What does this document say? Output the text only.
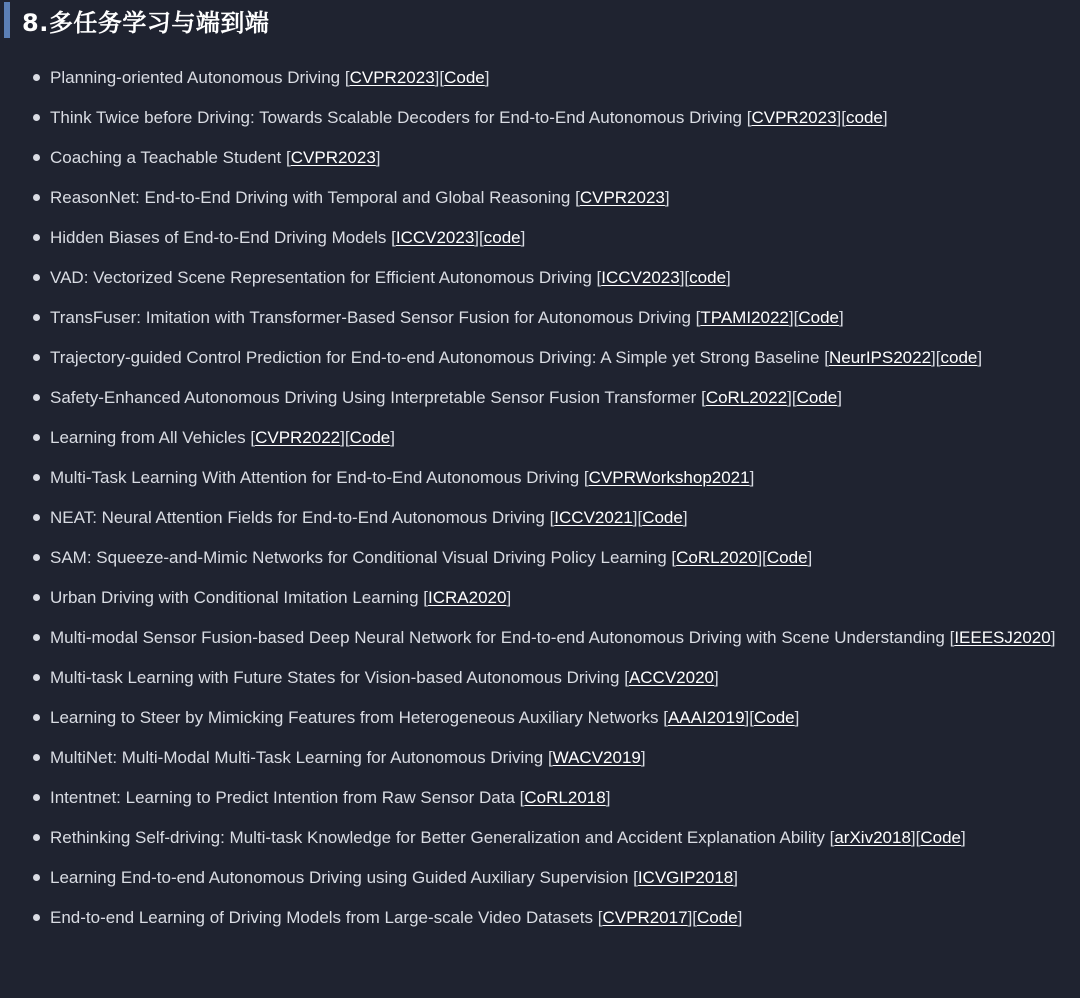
8.多任务学习与端到端
Planning-oriented Autonomous Driving [CVPR2023][Code]
Think Twice before Driving: Towards Scalable Decoders for End-to-End Autonomous Driving [CVPR2023][code]
Coaching a Teachable Student [CVPR2023]
ReasonNet: End-to-End Driving with Temporal and Global Reasoning [CVPR2023]
Hidden Biases of End-to-End Driving Models [ICCV2023][code]
VAD: Vectorized Scene Representation for Efficient Autonomous Driving [ICCV2023][code]
TransFuser: Imitation with Transformer-Based Sensor Fusion for Autonomous Driving [TPAMI2022][Code]
Trajectory-guided Control Prediction for End-to-end Autonomous Driving: A Simple yet Strong Baseline [NeurIPS2022][code]
Safety-Enhanced Autonomous Driving Using Interpretable Sensor Fusion Transformer [CoRL2022][Code]
Learning from All Vehicles [CVPR2022][Code]
Multi-Task Learning With Attention for End-to-End Autonomous Driving [CVPRWorkshop2021]
NEAT: Neural Attention Fields for End-to-End Autonomous Driving [ICCV2021][Code]
SAM: Squeeze-and-Mimic Networks for Conditional Visual Driving Policy Learning [CoRL2020][Code]
Urban Driving with Conditional Imitation Learning [ICRA2020]
Multi-modal Sensor Fusion-based Deep Neural Network for End-to-end Autonomous Driving with Scene Understanding [IEEESJ2020]
Multi-task Learning with Future States for Vision-based Autonomous Driving [ACCV2020]
Learning to Steer by Mimicking Features from Heterogeneous Auxiliary Networks [AAAI2019][Code]
MultiNet: Multi-Modal Multi-Task Learning for Autonomous Driving [WACV2019]
Intentnet: Learning to Predict Intention from Raw Sensor Data [CoRL2018]
Rethinking Self-driving: Multi-task Knowledge for Better Generalization and Accident Explanation Ability [arXiv2018][Code]
Learning End-to-end Autonomous Driving using Guided Auxiliary Supervision [ICVGIP2018]
End-to-end Learning of Driving Models from Large-scale Video Datasets [CVPR2017][Code]
